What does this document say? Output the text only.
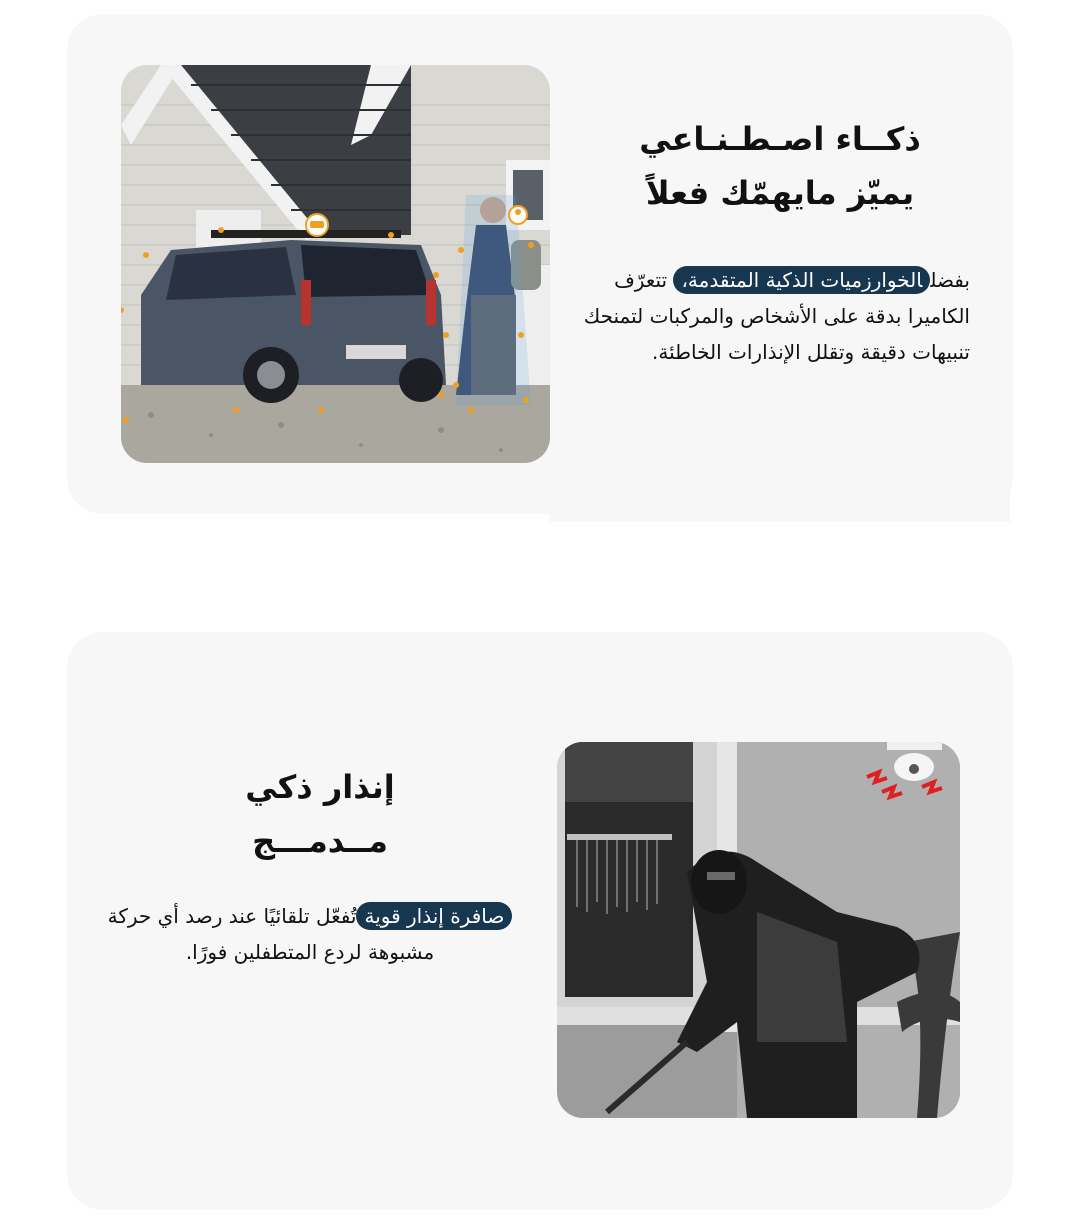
ذكــاء اصـطـنـاعي
يميّز مايهمّك فعلاً
بفضلالخوارزميات الذكية المتقدمة، تتعرّف الكاميرا بدقة على الأشخاص والمركبات لتمنحك تنبيهات دقيقة وتقلل الإنذارات الخاطئة.
إنذار ذكي
مــدمـــج
صافرة إنذار قويةتُفعّل تلقائيًا عند رصد أي حركة مشبوهة لردع المتطفلين فورًا.
